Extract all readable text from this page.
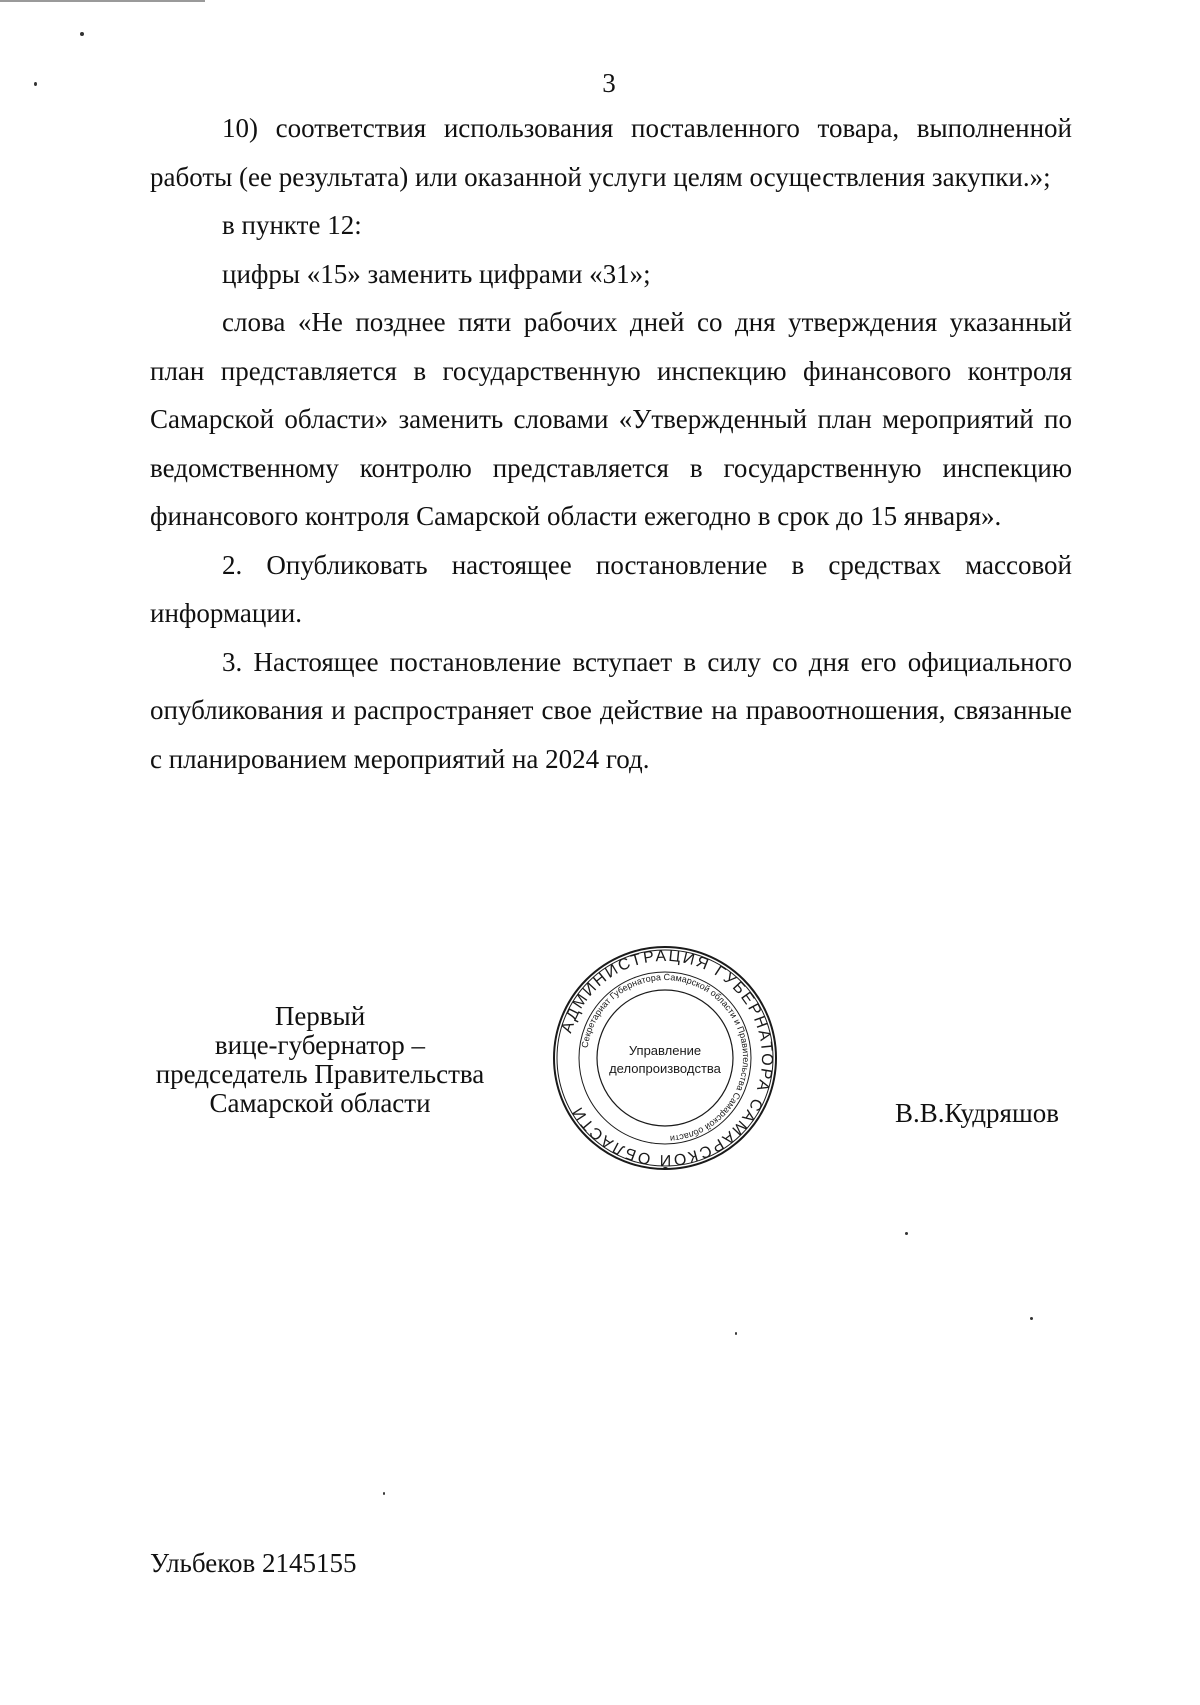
3

10) соответствия использования поставленного товара, выполненной работы (ее результата) или оказанной услуги целям осуществления закупки.»;

в пункте 12:

цифры «15» заменить цифрами «31»;

слова «Не позднее пяти рабочих дней со дня утверждения указанный план представляется в государственную инспекцию финансового контроля Самарской области» заменить словами «Утвержденный план мероприятий по ведомственному контролю представляется в государственную инспекцию финансового контроля Самарской области ежегодно в срок до 15 января».

2. Опубликовать настоящее постановление в средствах массовой информации.

3. Настоящее постановление вступает в силу со дня его официального опубликования и распространяет свое действие на правоотношения, связанные с планированием мероприятий на 2024 год.

Первый
вице-губернатор –
председатель Правительства
Самарской области
АДМИНИСТРАЦИЯ ГУБЕРНАТОРА САМАРСКОЙ ОБЛАСТИ
Секретариат Губернатора Самарской области и Правительства Самарской области
Управление
делопроизводства
В.В.Кудряшов
Ульбеков 2145155
